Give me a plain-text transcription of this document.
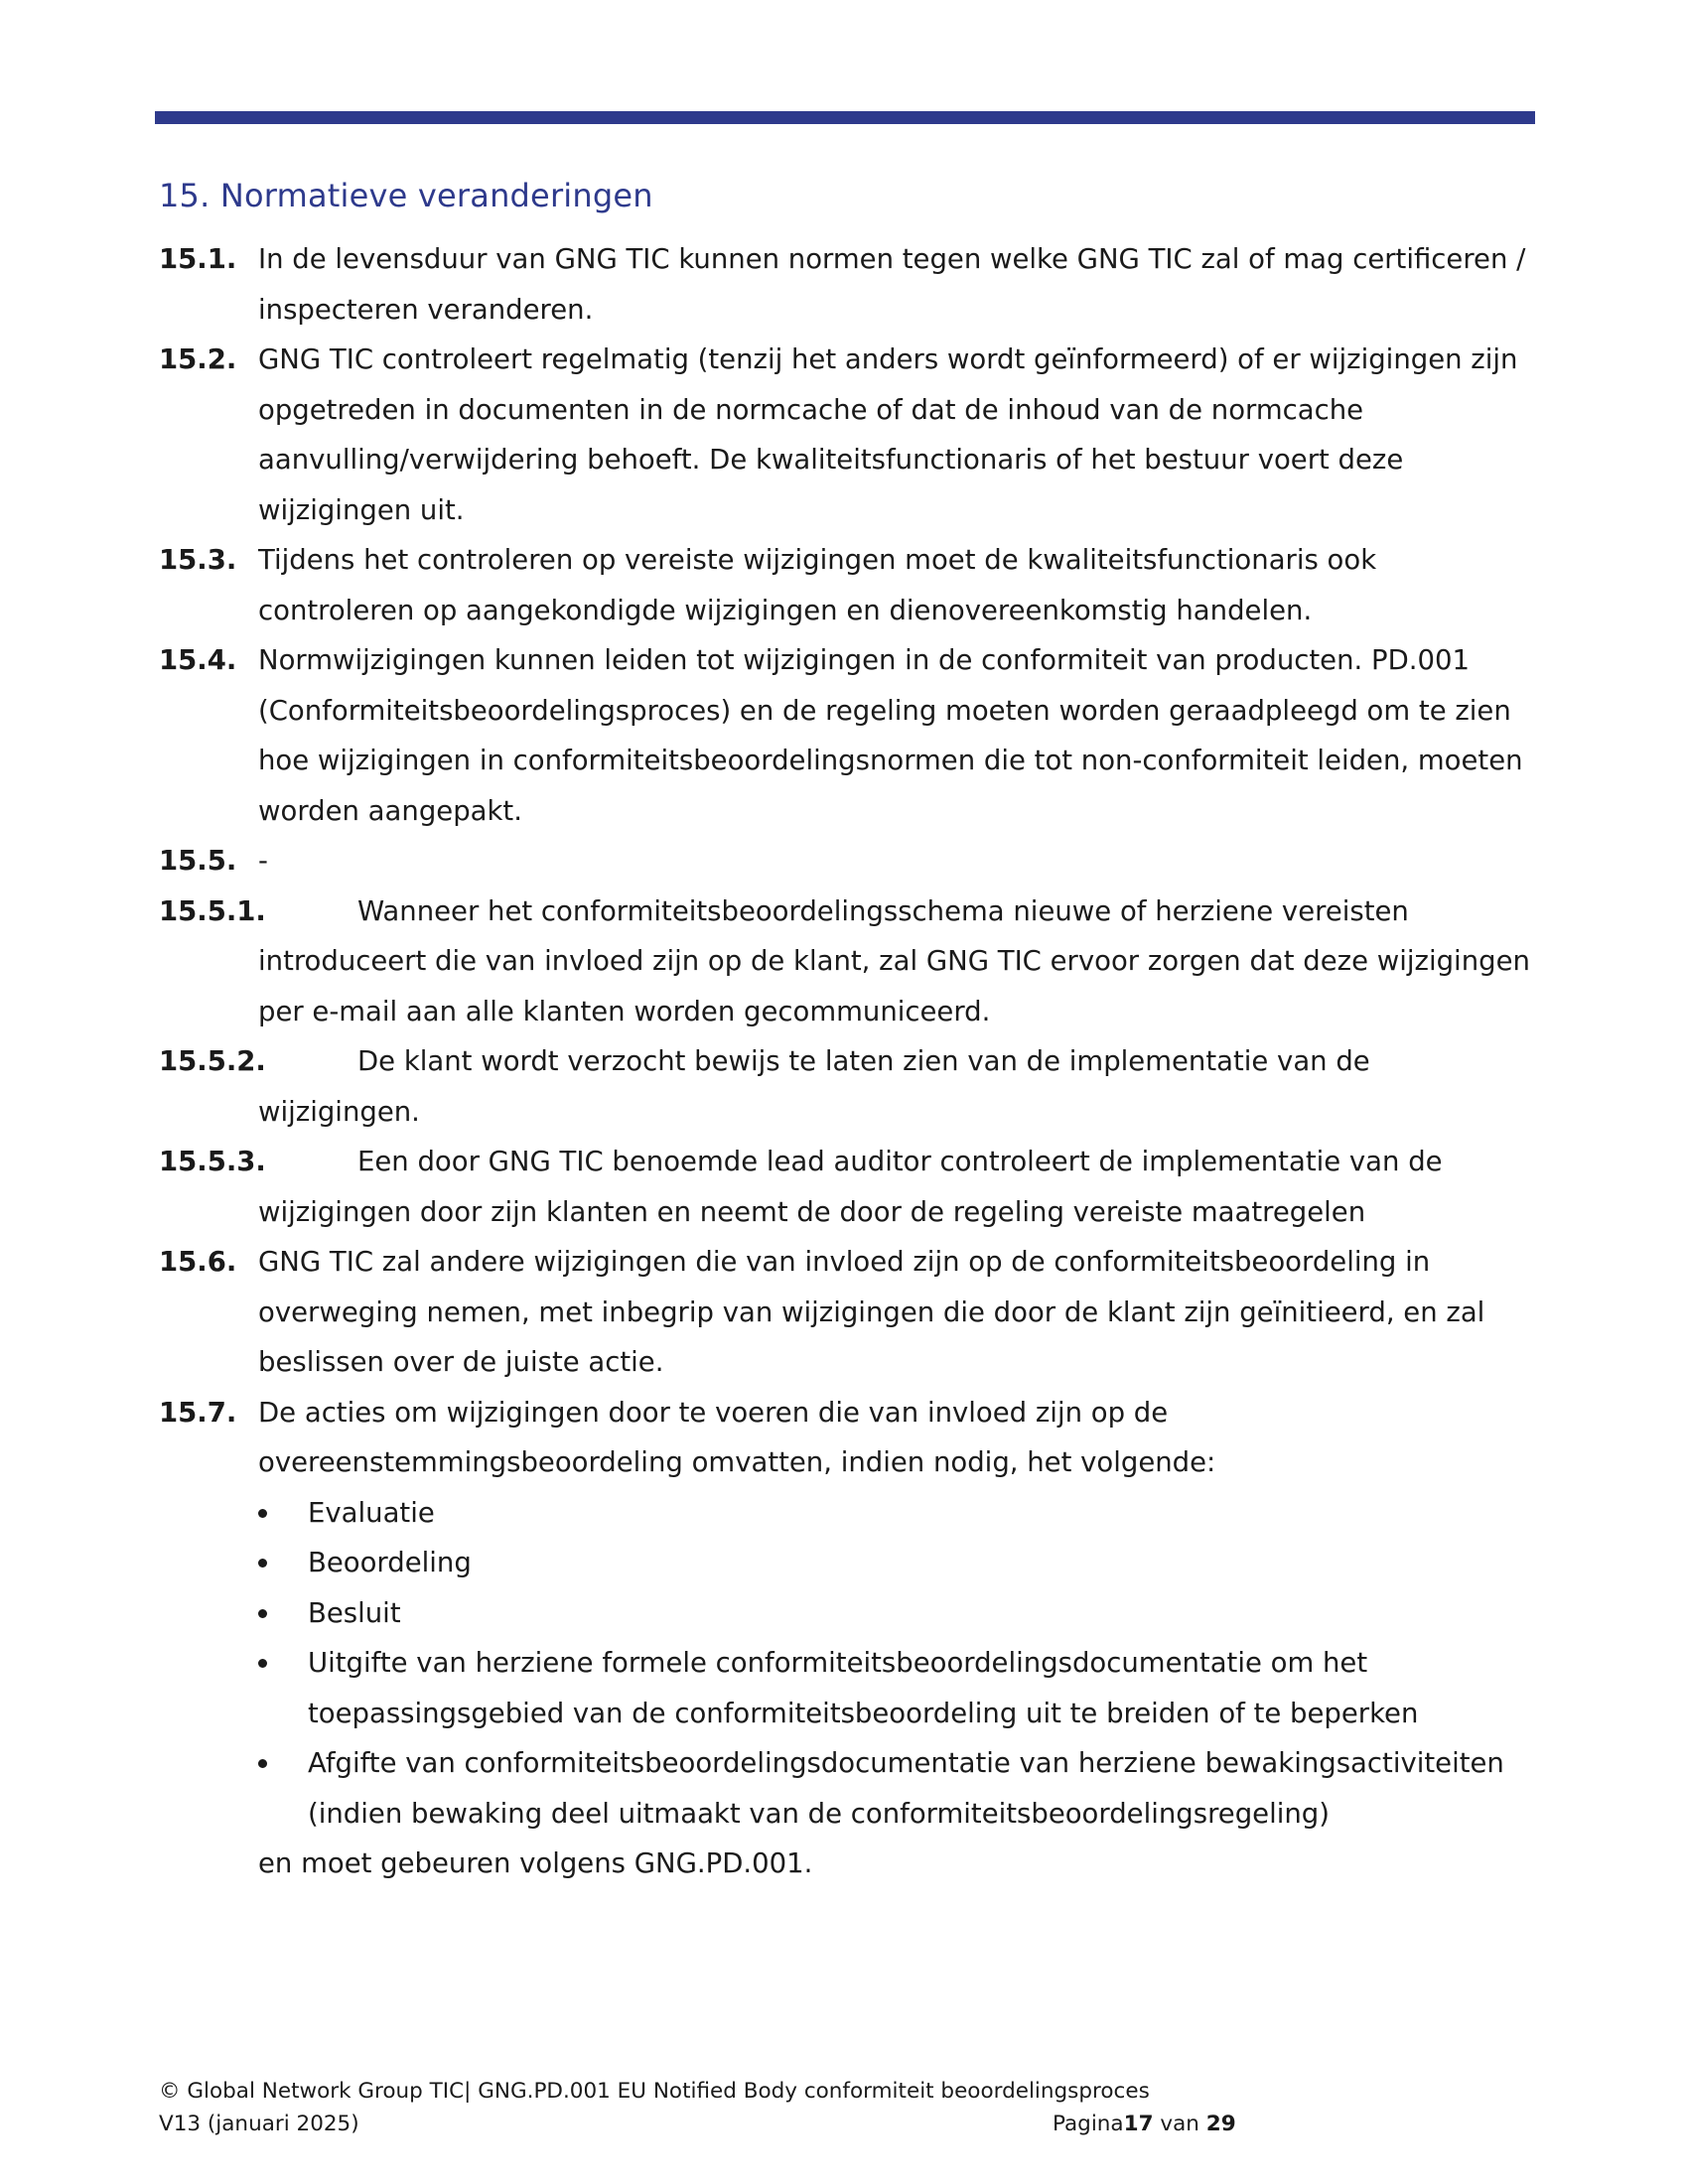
15. Normatieve veranderingen
15.1. In de levensduur van GNG TIC kunnen normen tegen welke GNG TIC zal of mag certificeren / inspecteren veranderen.
15.2. GNG TIC controleert regelmatig (tenzij het anders wordt geïnformeerd) of er wijzigingen zijn opgetreden in documenten in de normcache of dat de inhoud van de normcache aanvulling/verwijdering behoeft. De kwaliteitsfunctionaris of het bestuur voert deze wijzigingen uit.
15.3. Tijdens het controleren op vereiste wijzigingen moet de kwaliteitsfunctionaris ook controleren op aangekondigde wijzigingen en dienovereenkomstig handelen.
15.4. Normwijzigingen kunnen leiden tot wijzigingen in de conformiteit van producten. PD.001 (Conformiteitsbeoordelingsproces) en de regeling moeten worden geraadpleegd om te zien hoe wijzigingen in conformiteitsbeoordelingsnormen die tot non-conformiteit leiden, moeten worden aangepakt.
15.5. -
15.5.1.	Wanneer het conformiteitsbeoordelingsschema nieuwe of herziene vereisten introduceert die van invloed zijn op de klant, zal GNG TIC ervoor zorgen dat deze wijzigingen per e-mail aan alle klanten worden gecommuniceerd.
15.5.2.	De klant wordt verzocht bewijs te laten zien van de implementatie van de wijzigingen.
15.5.3.	Een door GNG TIC benoemde lead auditor controleert de implementatie van de wijzigingen door zijn klanten en neemt de door de regeling vereiste maatregelen
15.6. GNG TIC zal andere wijzigingen die van invloed zijn op de conformiteitsbeoordeling in overweging nemen, met inbegrip van wijzigingen die door de klant zijn geïnitieerd, en zal beslissen over de juiste actie.
15.7. De acties om wijzigingen door te voeren die van invloed zijn op de overeenstemmingsbeoordeling omvatten, indien nodig, het volgende:
Evaluatie
Beoordeling
Besluit
Uitgifte van herziene formele conformiteitsbeoordelingsdocumentatie om het toepassingsgebied van de conformiteitsbeoordeling uit te breiden of te beperken
Afgifte van conformiteitsbeoordelingsdocumentatie van herziene bewakingsactiviteiten (indien bewaking deel uitmaakt van de conformiteitsbeoordelingsregeling)
en moet gebeuren volgens GNG.PD.001.
© Global Network Group TIC| GNG.PD.001 EU Notified Body conformiteit beoordelingsproces
V13 (januari 2025)	Pagina17 van 29
